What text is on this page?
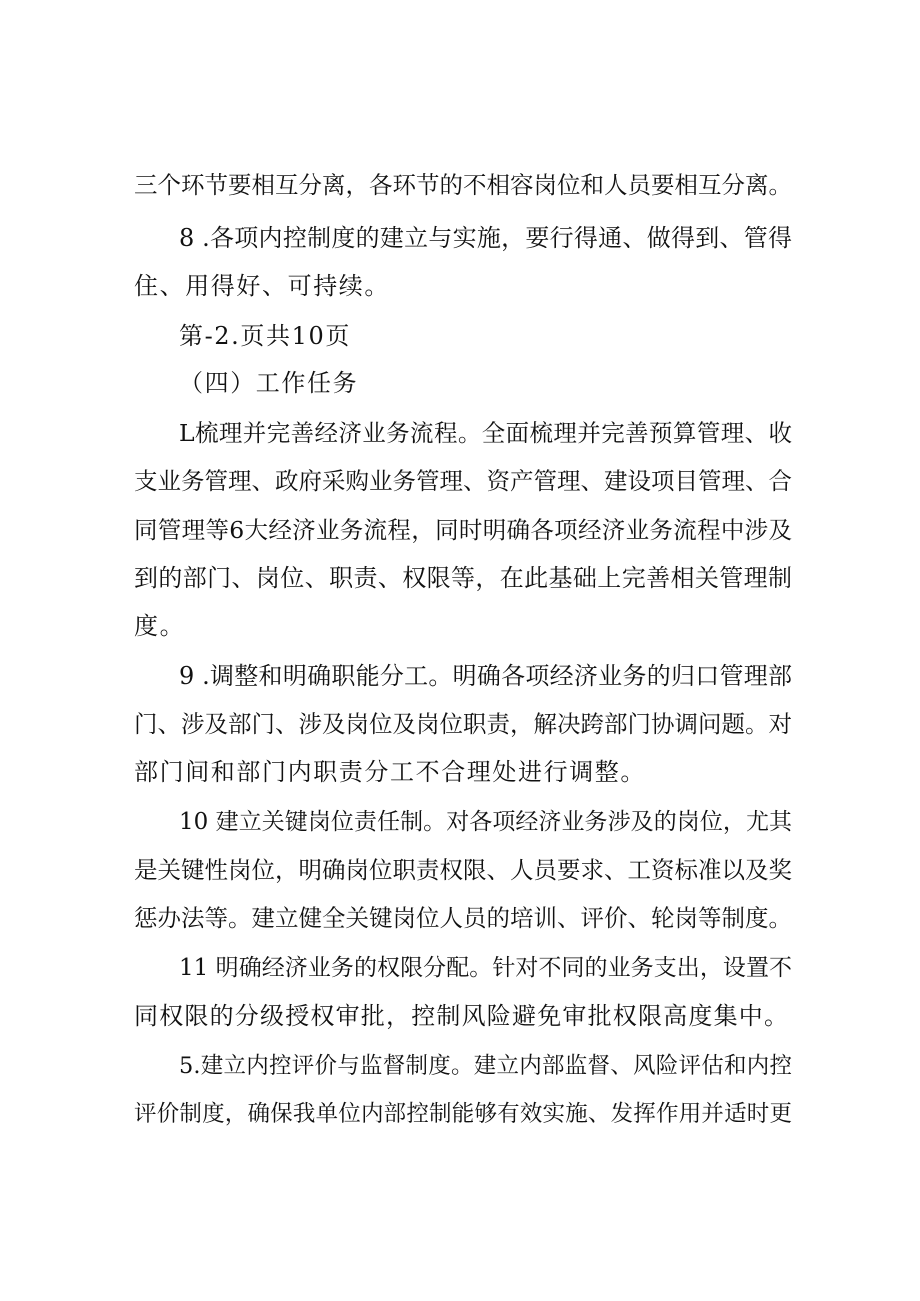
三个环节要相互分离，各环节的不相容岗位和人员要相互分离。
8 .各项内控制度的建立与实施，要行得通、做得到、管得
住、用得好、可持续。
第-2.页共10页
（四）工作任务
L梳理并完善经济业务流程。全面梳理并完善预算管理、收
支业务管理、政府采购业务管理、资产管理、建设项目管理、合
同管理等6大经济业务流程，同时明确各项经济业务流程中涉及
到的部门、岗位、职责、权限等，在此基础上完善相关管理制
度。
9 .调整和明确职能分工。明确各项经济业务的归口管理部
门、涉及部门、涉及岗位及岗位职责，解决跨部门协调问题。对
部门间和部门内职责分工不合理处进行调整。
10 建立关键岗位责任制。对各项经济业务涉及的岗位，尤其
是关键性岗位，明确岗位职责权限、人员要求、工资标准以及奖
惩办法等。建立健全关键岗位人员的培训、评价、轮岗等制度。
11 明确经济业务的权限分配。针对不同的业务支出，设置不
同权限的分级授权审批，控制风险避免审批权限高度集中。
5.建立内控评价与监督制度。建立内部监督、风险评估和内控
评价制度，确保我单位内部控制能够有效实施、发挥作用并适时更
